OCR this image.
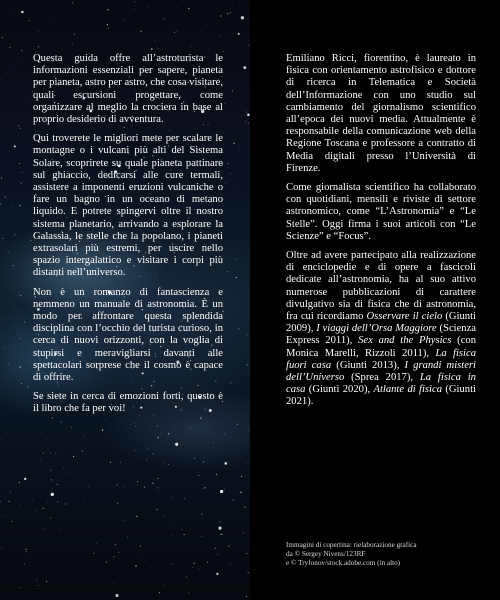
Questa guida offre all’astroturista le informazioni essenziali per sapere, pianeta per pianeta, astro per astro, che cosa visitare, quali escursioni progettare, come organizzare al meglio la crociera in base al proprio desiderio di avventura.

Qui troverete le migliori mete per scalare le montagne o i vulcani più alti del Sistema Solare, scoprirete su quale pianeta pattinare sul ghiaccio, dedicarsi alle cure termali, assistere a imponenti eruzioni vulcaniche o fare un bagno in un oceano di metano liquido. E potrete spingervi oltre il nostro sistema planetario, arrivando a esplorare la Galassia, le stelle che la popolano, i pianeti extrasolari più estremi, per uscire nello spazio intergalattico e visitare i corpi più distanti nell’universo.

Non è un romanzo di fantascienza e nemmeno un manuale di astronomia. È un modo per affrontare questa splendida disciplina con l’occhio del turista curioso, in cerca di nuovi orizzonti, con la voglia di stupirsi e meravigliarsi davanti alle spettacolari sorprese che il cosmo è capace di offrire.

Se siete in cerca di emozioni forti, questo è il libro che fa per voi!

Emiliano Ricci, fiorentino, è laureato in fisica con orientamento astrofisico e dottore di ricerca in Telematica e Società dell’Informazione con uno studio sul cambiamento del giornalismo scientifico all’epoca dei nuovi media. Attualmente è responsabile della comunicazione web della Regione Toscana e professore a contratto di Media digitali presso l’Università di Firenze.

Come giornalista scientifico ha collaborato con quotidiani, mensili e riviste di settore astronomico, come “L’Astronomia” e “Le Stelle”. Oggi firma i suoi articoli con “Le Scienze” e “Focus”.

Oltre ad avere partecipato alla realizzazione di enciclopedie e di opere a fascicoli dedicate all’astronomia, ha al suo attivo numerose pubblicazioni di carattere divulgativo sia di fisica che di astronomia, fra cui ricordiamo Osservare il cielo (Giunti 2009), I viaggi dell’Orsa Maggiore (Scienza Express 2011), Sex and the Physics (con Monica Marelli, Rizzoli 2011), La fisica fuori casa (Giunti 2013), I grandi misteri dell’Universo (Sprea 2017), La fisica in casa (Giunti 2020), Atlante di fisica (Giunti 2021).

Immagini di copertina: rielaborazione grafica
da © Sergey Nivens/123RF
e © Tryfonov/stock.adobe.com (in alto)
